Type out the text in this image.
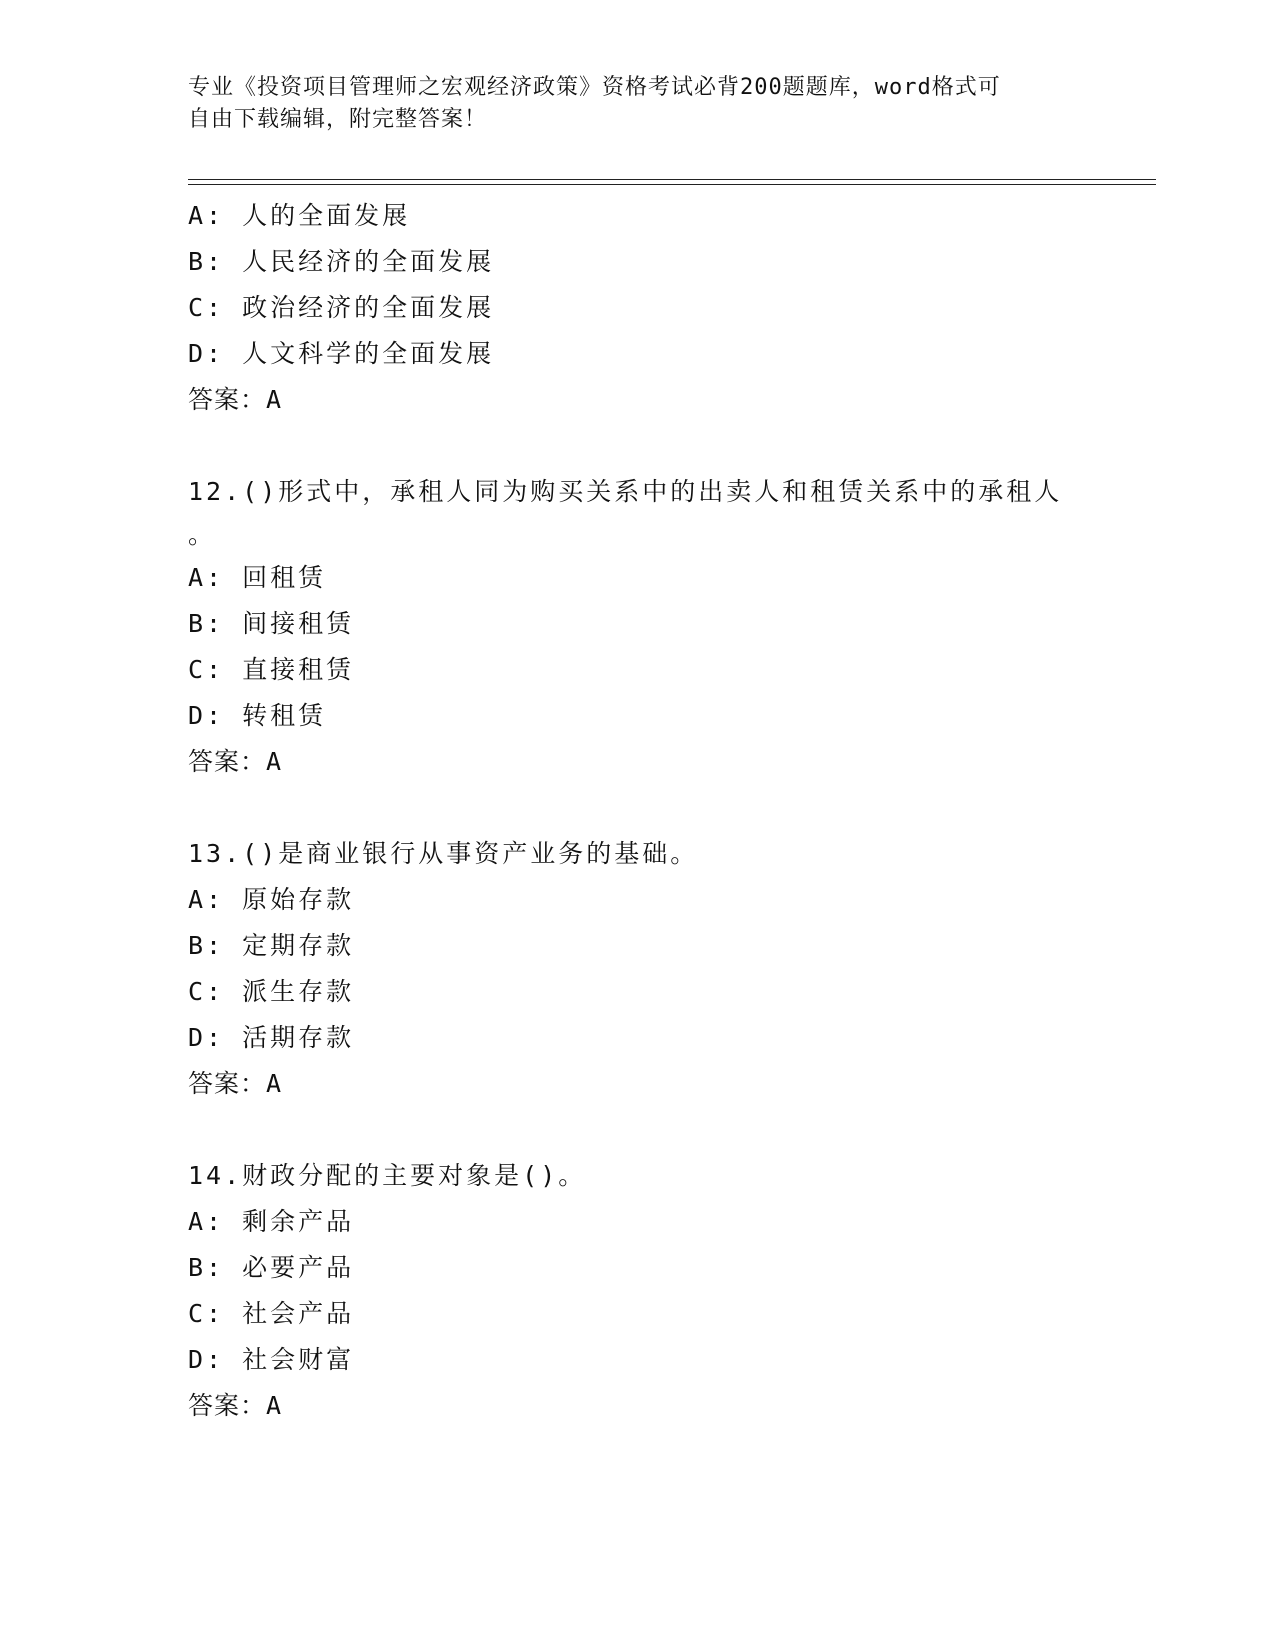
专业《投资项目管理师之宏观经济政策》资格考试必背200题题库，word格式可
自由下载编辑，附完整答案！
A: 人的全面发展
B: 人民经济的全面发展
C: 政治经济的全面发展
D: 人文科学的全面发展
答案：A
12.()形式中，承租人同为购买关系中的出卖人和租赁关系中的承租人
。
A: 回租赁
B: 间接租赁
C: 直接租赁
D: 转租赁
答案：A
13.()是商业银行从事资产业务的基础。
A: 原始存款
B: 定期存款
C: 派生存款
D: 活期存款
答案：A
14.财政分配的主要对象是()。
A: 剩余产品
B: 必要产品
C: 社会产品
D: 社会财富
答案：A
